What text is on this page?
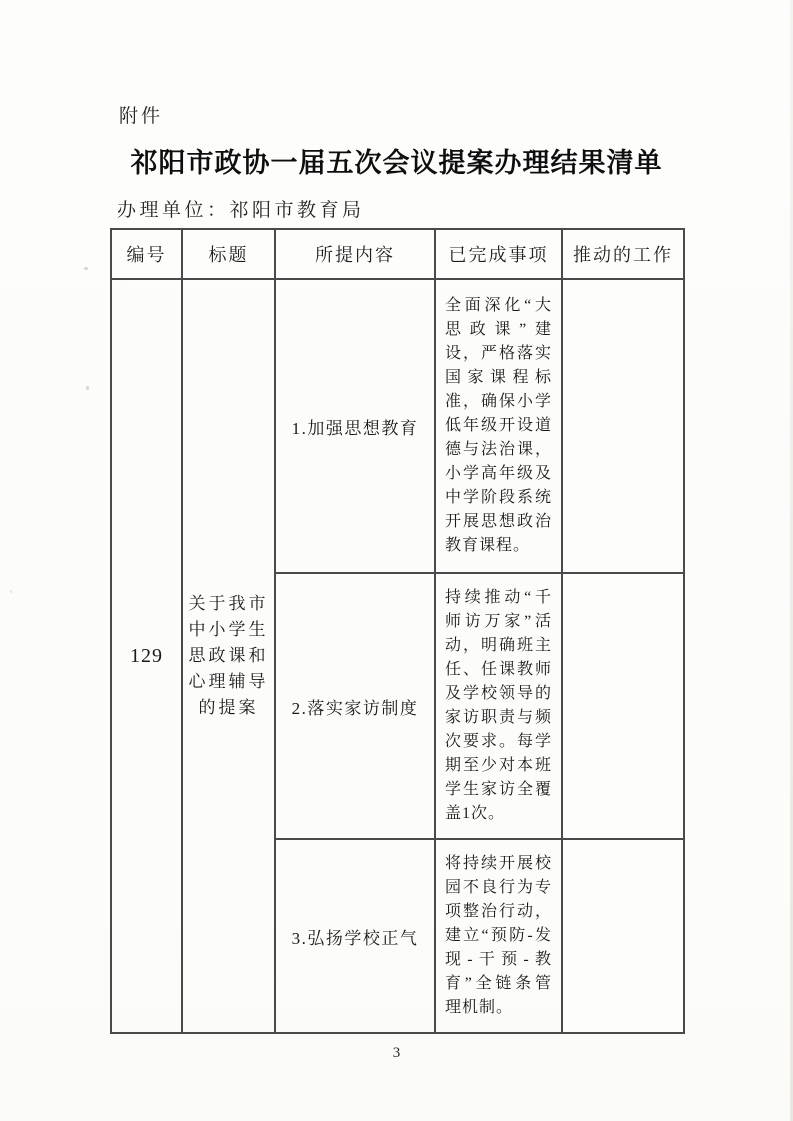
附件
祁阳市政协一届五次会议提案办理结果清单
办理单位：祁阳市教育局
编号	标题	所提内容	已完成事项	推动的工作
129	关于我市中小学生思政课和心理辅导的提案	1.加强思想教育	全面深化“大思政课”建设，严格落实国家课程标准，确保小学低年级开设道德与法治课，小学高年级及中学阶段系统开展思想政治教育课程。	
		2.落实家访制度	持续推动“千师访万家”活动，明确班主任、任课教师及学校领导的家访职责与频次要求。每学期至少对本班学生家访全覆盖1次。	
		3.弘扬学校正气	将持续开展校园不良行为专项整治行动，建立“预防-发现-干预-教育”全链条管理机制。	
3
